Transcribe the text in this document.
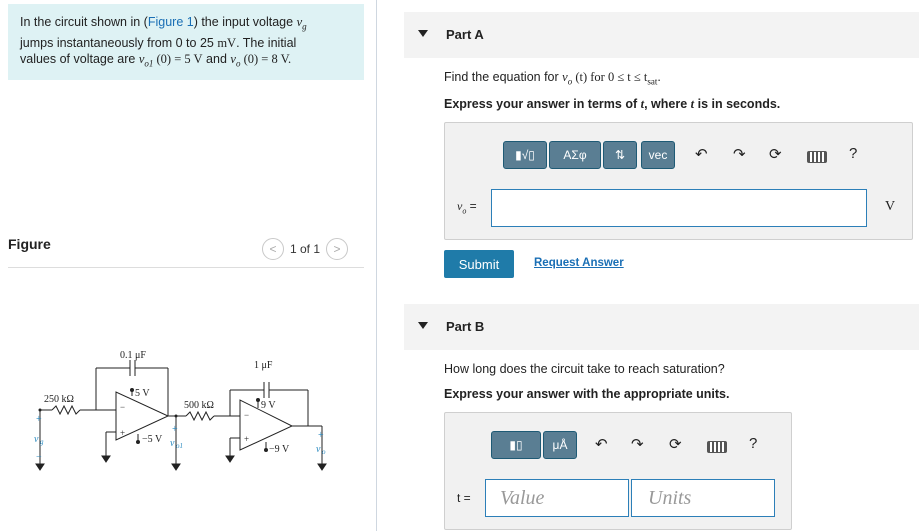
In the circuit shown in (Figure 1) the input voltage $v_g$
jumps instantaneously from 0 to 25 mV. The initial
values of voltage are $v_{o1}$ (0) = 5 V and $v_o$ (0) = 8 V.
Figure	< 1 of 1 >
0.1 μF
1 μF
250 kΩ
500 kΩ
5 V
−5 V
9 V
−9 V
+
v g
−
+
v o1
+
v o
+
−
+
−
Part A
Find the equation for $v_o$ (t) for $0 \le t \le t_{sat}$.
Express your answer in terms of t, where t is in seconds.
▮√▯ ΑΣφ ⇅ vec ↶ ↷ ⟳	?
$v_o$ =	V
Submit	Request Answer
Part B
How long does the circuit take to reach saturation?
Express your answer with the appropriate units.
▮▯ μÅ ↶ ↷ ⟳	?
t = Value	Units
